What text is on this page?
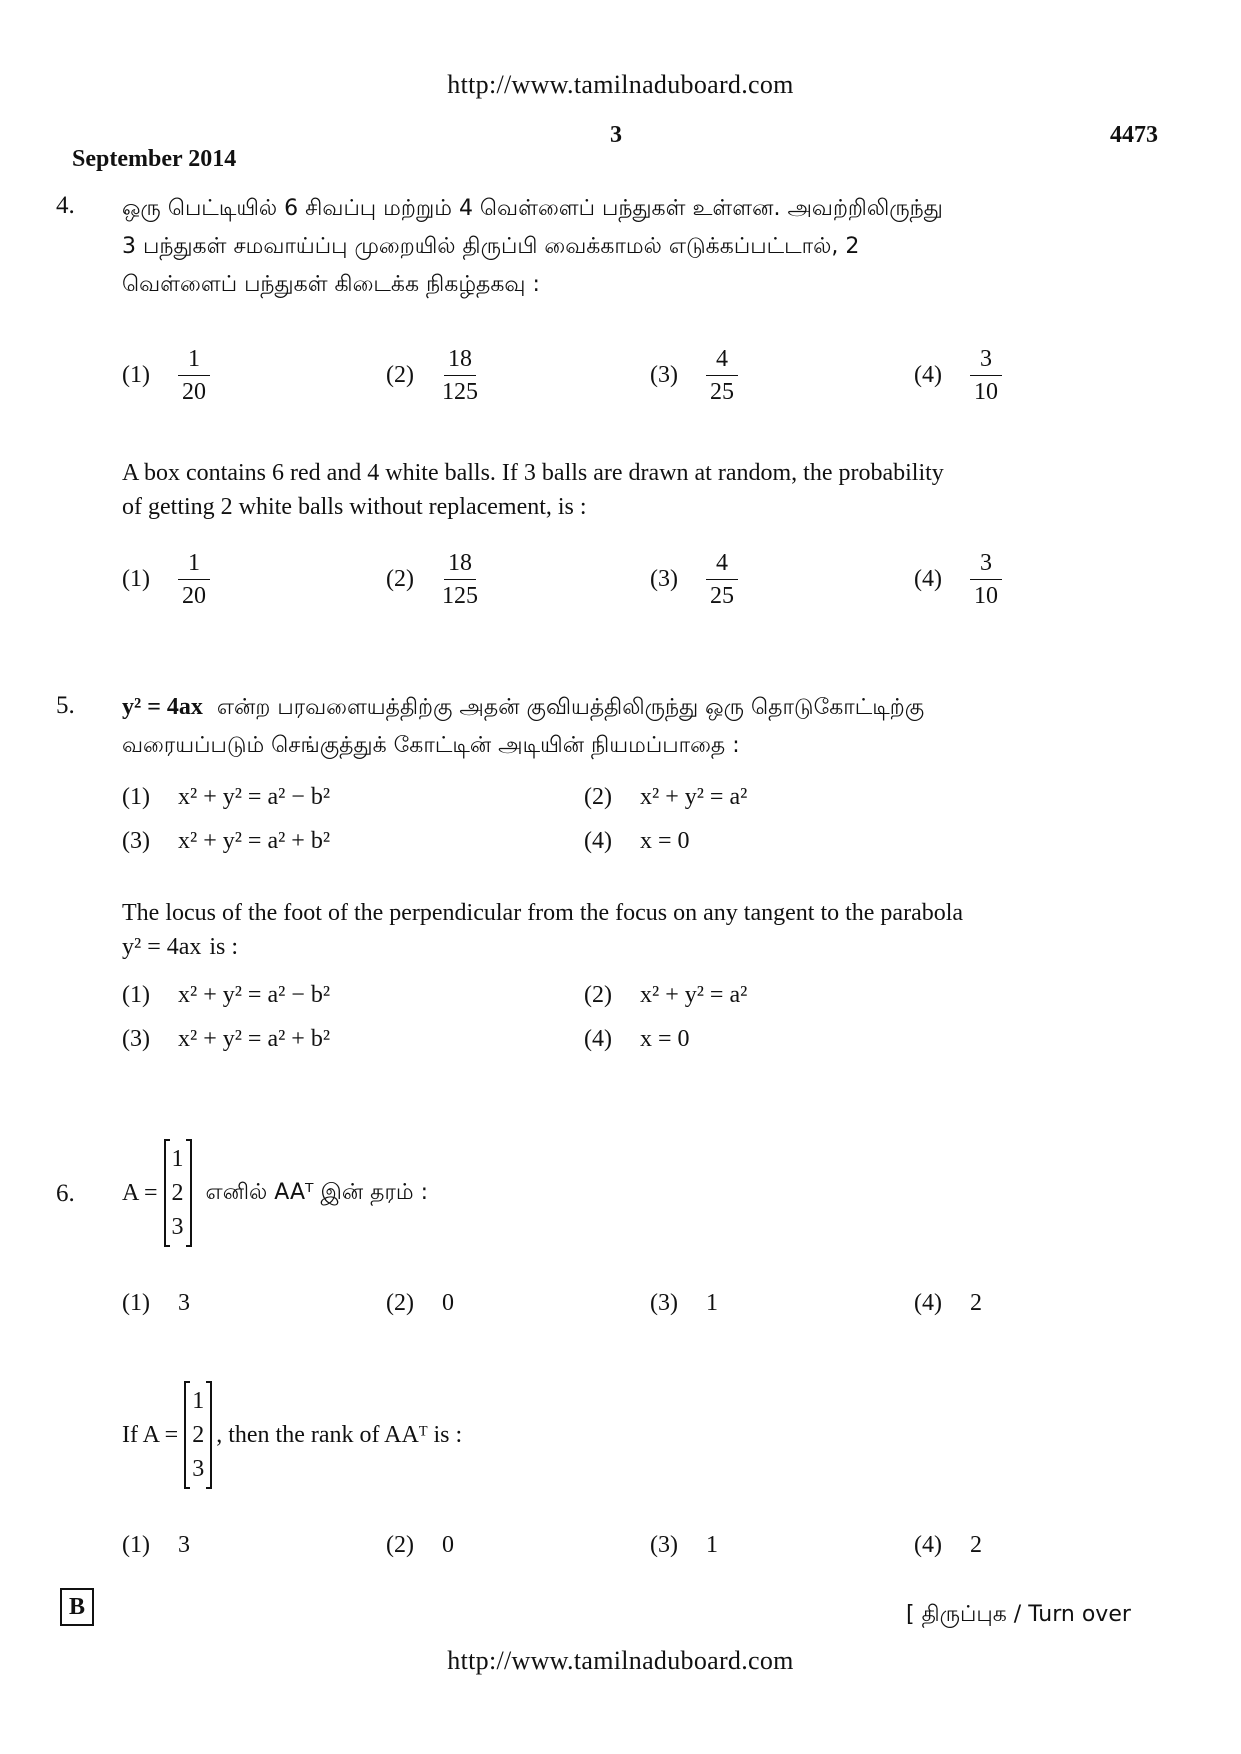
http://www.tamilnaduboard.com
3	4473
September 2014
4. ஒரு பெட்டியில் 6 சிவப்பு மற்றும் 4 வெள்ளைப் பந்துகள் உள்ளன. அவற்றிலிருந்து
3 பந்துகள் சமவாய்ப்பு முறையில் திருப்பி வைக்காமல் எடுக்கப்பட்டால், 2
வெள்ளைப் பந்துகள் கிடைக்க நிகழ்தகவு :
(1)	$\frac{1}{20}$	(2)	$\frac{18}{125}$	(3)	$\frac{4}{25}$	(4)	$\frac{3}{10}$
A box contains 6 red and 4 white balls. If 3 balls are drawn at random, the probability
of getting 2 white balls without replacement, is :
(1)	$\frac{1}{20}$	(2)	$\frac{18}{125}$	(3)	$\frac{4}{25}$	(4)	$\frac{3}{10}$
5. y² = 4ax என்ற பரவளையத்திற்கு அதன் குவியத்திலிருந்து ஒரு தொடுகோட்டிற்கு
வரையப்படும் செங்குத்துக் கோட்டின் அடியின் நியமப்பாதை :
(1)	x² + y² = a² − b²	(2)	x² + y² = a²
(3)	x² + y² = a² + b²	(4)	x = 0
The locus of the foot of the perpendicular from the focus on any tangent to the parabola
y² = 4ax is :
(1)	x² + y² = a² − b²	(2)	x² + y² = a²
(3)	x² + y² = a² + b²	(4)	x = 0
6. A =
1
2
3
எனில் AAᵀ இன் தரம் :
(1)	3	(2)	0	(3)	1	(4)	2
If A =
1
2
3
, then the rank of AAᵀ is :
(1)	3	(2)	0	(3)	1	(4)	2
B	[ திருப்புக / Turn over
http://www.tamilnaduboard.com
